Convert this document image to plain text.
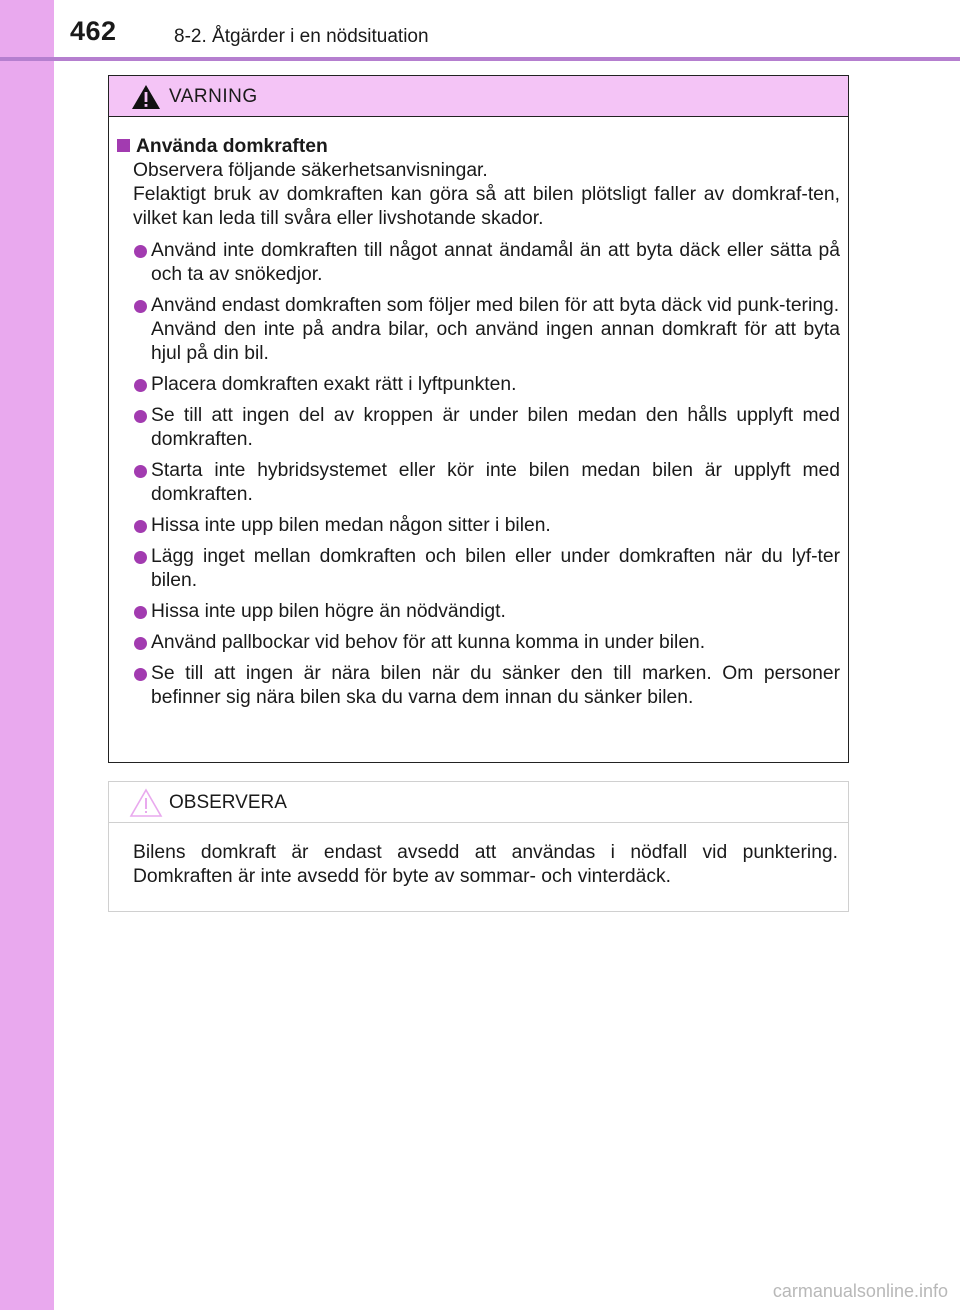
462	8-2. Åtgärder i en nödsituation
VARNING
Använda domkraften
Observera följande säkerhetsanvisningar.
Felaktigt bruk av domkraften kan göra så att bilen plötsligt faller av domkraf-ten, vilket kan leda till svåra eller livshotande skador.

Använd inte domkraften till något annat ändamål än att byta däck eller sätta på och ta av snökedjor.

Använd endast domkraften som följer med bilen för att byta däck vid punk-tering.

Använd den inte på andra bilar, och använd ingen annan domkraft för att byta hjul på din bil.

Placera domkraften exakt rätt i lyftpunkten.

Se till att ingen del av kroppen är under bilen medan den hålls upplyft med domkraften.

Starta inte hybridsystemet eller kör inte bilen medan bilen är upplyft med domkraften.

Hissa inte upp bilen medan någon sitter i bilen.

Lägg inget mellan domkraften och bilen eller under domkraften när du lyf-ter bilen.

Hissa inte upp bilen högre än nödvändigt.

Använd pallbockar vid behov för att kunna komma in under bilen.

Se till att ingen är nära bilen när du sänker den till marken. Om personer befinner sig nära bilen ska du varna dem innan du sänker bilen.

OBSERVERA

Bilens domkraft är endast avsedd att användas i nödfall vid punktering. Domkraften är inte avsedd för byte av sommar- och vinterdäck.

carmanualsonline.info
